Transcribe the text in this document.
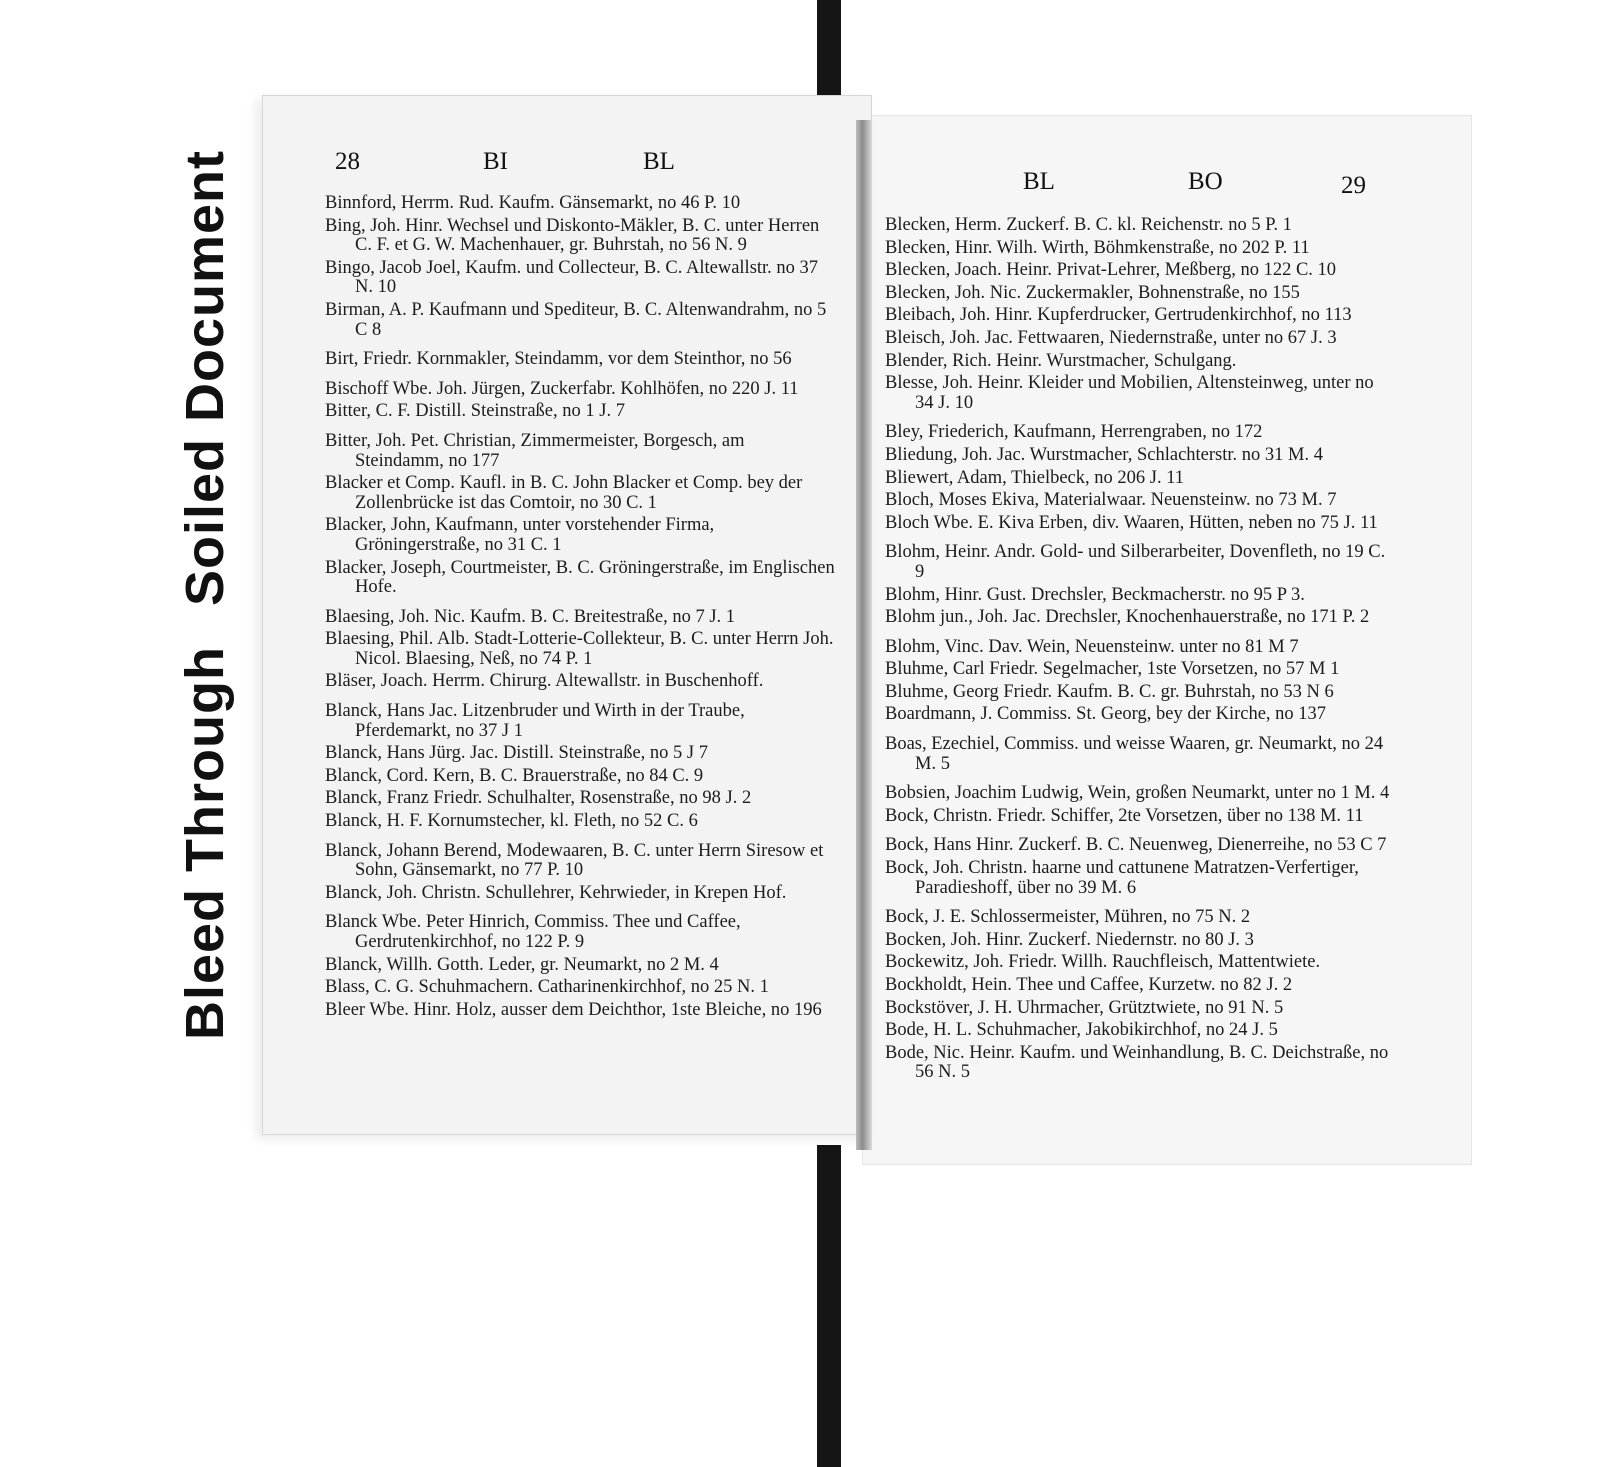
Bleed ThroughSoiled Document	BL	BO	29
Blecken, Herm. Zuckerf. B. C. kl. Reichenstr. no 5 P. 1
Blecken, Hinr. Wilh. Wirth, Böhmkenstraße, no 202 P. 11
Blecken, Joach. Heinr. Privat-Lehrer, Meßberg, no 122 C. 10
Blecken, Joh. Nic. Zuckermakler, Bohnenstraße, no 155
Bleibach, Joh. Hinr. Kupferdrucker, Gertrudenkirchhof, no 113
Bleisch, Joh. Jac. Fettwaaren, Niedernstraße, unter no 67 J. 3
Blender, Rich. Heinr. Wurstmacher, Schulgang.
Blesse, Joh. Heinr. Kleider und Mobilien, Altensteinweg, unter no 34 J. 10
Bley, Friederich, Kaufmann, Herrengraben, no 172
Bliedung, Joh. Jac. Wurstmacher, Schlachterstr. no 31 M. 4
Bliewert, Adam, Thielbeck, no 206 J. 11
Bloch, Moses Ekiva, Materialwaar. Neuensteinw. no 73 M. 7
Bloch Wbe. E. Kiva Erben, div. Waaren, Hütten, neben no 75 J. 11
Blohm, Heinr. Andr. Gold- und Silberarbeiter, Dovenfleth, no 19 C. 9
Blohm, Hinr. Gust. Drechsler, Beckmacherstr. no 95 P 3.
Blohm jun., Joh. Jac. Drechsler, Knochenhauerstraße, no 171 P. 2
Blohm, Vinc. Dav. Wein, Neuensteinw. unter no 81 M 7
Bluhme, Carl Friedr. Segelmacher, 1ste Vorsetzen, no 57 M 1
Bluhme, Georg Friedr. Kaufm. B. C. gr. Buhrstah, no 53 N 6
Boardmann, J. Commiss. St. Georg, bey der Kirche, no 137
Boas, Ezechiel, Commiss. und weisse Waaren, gr. Neumarkt, no 24 M. 5
Bobsien, Joachim Ludwig, Wein, großen Neumarkt, unter no 1 M. 4
Bock, Christn. Friedr. Schiffer, 2te Vorsetzen, über no 138 M. 11
Bock, Hans Hinr. Zuckerf. B. C. Neuenweg, Dienerreihe, no 53 C 7
Bock, Joh. Christn. haarne und cattunene Matratzen-Verfertiger, Paradieshoff, über no 39 M. 6
Bock, J. E. Schlossermeister, Mühren, no 75 N. 2
Bocken, Joh. Hinr. Zuckerf. Niedernstr. no 80 J. 3
Bockewitz, Joh. Friedr. Willh. Rauchfleisch, Mattentwiete.
Bockholdt, Hein. Thee und Caffee, Kurzetw. no 82 J. 2
Bockstöver, J. H. Uhrmacher, Grütztwiete, no 91 N. 5
Bode, H. L. Schuhmacher, Jakobikirchhof, no 24 J. 5
Bode, Nic. Heinr. Kaufm. und Weinhandlung, B. C. Deichstraße, no 56 N. 5
28	BI	BL
Binnford, Herrm. Rud. Kaufm. Gänsemarkt, no 46 P. 10
Bing, Joh. Hinr. Wechsel und Diskonto-Mäkler, B. C. unter Herren C. F. et G. W. Machenhauer, gr. Buhrstah, no 56 N. 9
Bingo, Jacob Joel, Kaufm. und Collecteur, B. C. Altewallstr. no 37 N. 10
Birman, A. P. Kaufmann und Spediteur, B. C. Altenwandrahm, no 5 C 8
Birt, Friedr. Kornmakler, Steindamm, vor dem Steinthor, no 56
Bischoff Wbe. Joh. Jürgen, Zuckerfabr. Kohlhöfen, no 220 J. 11
Bitter, C. F. Distill. Steinstraße, no 1 J. 7
Bitter, Joh. Pet. Christian, Zimmermeister, Borgesch, am Steindamm, no 177
Blacker et Comp. Kaufl. in B. C. John Blacker et Comp. bey der Zollenbrücke ist das Comtoir, no 30 C. 1
Blacker, John, Kaufmann, unter vorstehender Firma, Gröningerstraße, no 31 C. 1
Blacker, Joseph, Courtmeister, B. C. Gröningerstraße, im Englischen Hofe.
Blaesing, Joh. Nic. Kaufm. B. C. Breitestraße, no 7 J. 1
Blaesing, Phil. Alb. Stadt-Lotterie-Collekteur, B. C. unter Herrn Joh. Nicol. Blaesing, Neß, no 74 P. 1
Bläser, Joach. Herrm. Chirurg. Altewallstr. in Buschenhoff.
Blanck, Hans Jac. Litzenbruder und Wirth in der Traube, Pferdemarkt, no 37 J 1
Blanck, Hans Jürg. Jac. Distill. Steinstraße, no 5 J 7
Blanck, Cord. Kern, B. C. Brauerstraße, no 84 C. 9
Blanck, Franz Friedr. Schulhalter, Rosenstraße, no 98 J. 2
Blanck, H. F. Kornumstecher, kl. Fleth, no 52 C. 6
Blanck, Johann Berend, Modewaaren, B. C. unter Herrn Siresow et Sohn, Gänsemarkt, no 77 P. 10
Blanck, Joh. Christn. Schullehrer, Kehrwieder, in Krepen Hof.
Blanck Wbe. Peter Hinrich, Commiss. Thee und Caffee, Gerdrutenkirchhof, no 122 P. 9
Blanck, Willh. Gotth. Leder, gr. Neumarkt, no 2 M. 4
Blass, C. G. Schuhmachern. Catharinenkirchhof, no 25 N. 1
Bleer Wbe. Hinr. Holz, ausser dem Deichthor, 1ste Bleiche, no 196
